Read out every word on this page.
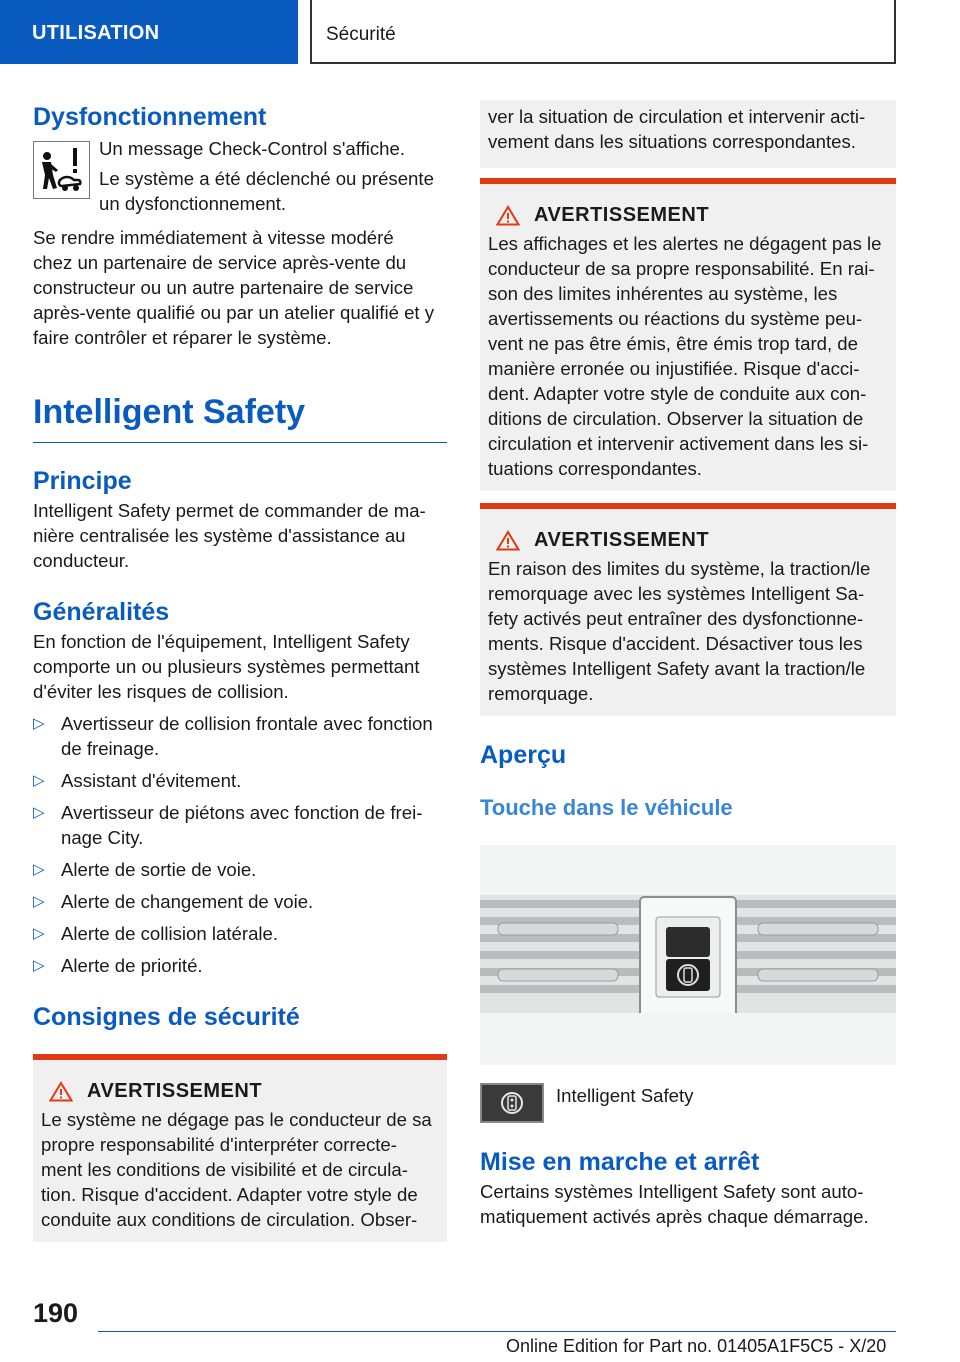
UTILISATION	Sécurité
Dysfonctionnement
Un message Check-Control s'affiche.
Le système a été déclenché ou présente
un dysfonctionnement.
Se rendre immédiatement à vitesse modéré
chez un partenaire de service après-vente du
constructeur ou un autre partenaire de service
après-vente qualifié ou par un atelier qualifié et y
faire contrôler et réparer le système.
Intelligent Safety
Principe
Intelligent Safety permet de commander de ma-
nière centralisée les système d'assistance au
conducteur.
Généralités
En fonction de l'équipement, Intelligent Safety
comporte un ou plusieurs systèmes permettant
d'éviter les risques de collision.
▷ Avertisseur de collision frontale avec fonction
de freinage.
▷ Assistant d'évitement.
▷ Avertisseur de piétons avec fonction de frei-
nage City.
▷ Alerte de sortie de voie.
▷ Alerte de changement de voie.
▷ Alerte de collision latérale.
▷ Alerte de priorité.
Consignes de sécurité
AVERTISSEMENT
Le système ne dégage pas le conducteur de sa
propre responsabilité d'interpréter correcte-
ment les conditions de visibilité et de circula-
tion. Risque d'accident. Adapter votre style de
conduite aux conditions de circulation. Obser-
ver la situation de circulation et intervenir acti-
vement dans les situations correspondantes.
AVERTISSEMENT
Les affichages et les alertes ne dégagent pas le
conducteur de sa propre responsabilité. En rai-
son des limites inhérentes au système, les
avertissements ou réactions du système peu-
vent ne pas être émis, être émis trop tard, de
manière erronée ou injustifiée. Risque d'acci-
dent. Adapter votre style de conduite aux con-
ditions de circulation. Observer la situation de
circulation et intervenir activement dans les si-
tuations correspondantes.
AVERTISSEMENT
En raison des limites du système, la traction/le
remorquage avec les systèmes Intelligent Sa-
fety activés peut entraîner des dysfonctionne-
ments. Risque d'accident. Désactiver tous les
systèmes Intelligent Safety avant la traction/le
remorquage.
Aperçu
Touche dans le véhicule
Intelligent Safety
Mise en marche et arrêt
Certains systèmes Intelligent Safety sont auto-
matiquement activés après chaque démarrage.
190
Online Edition for Part no. 01405A1F5C5 - X/20
